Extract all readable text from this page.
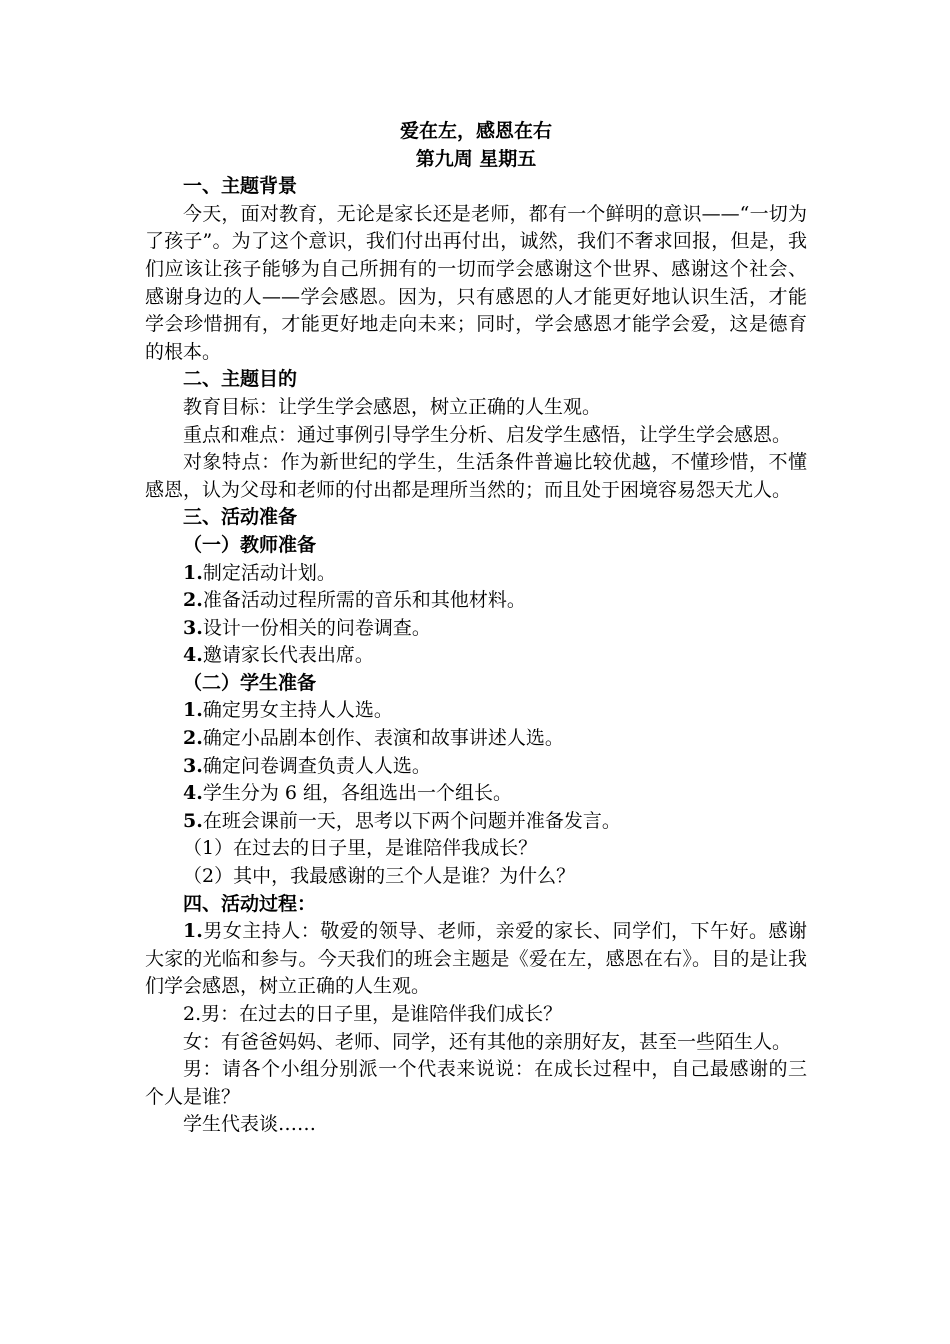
爱在左，感恩在右

第九周 星期五

一、主题背景

今天，面对教育，无论是家长还是老师，都有一个鲜明的意识——“一切为了孩子”。为了这个意识，我们付出再付出，诚然，我们不奢求回报，但是，我们应该让孩子能够为自己所拥有的一切而学会感谢这个世界、感谢这个社会、感谢身边的人——学会感恩。因为，只有感恩的人才能更好地认识生活，才能学会珍惜拥有，才能更好地走向未来；同时，学会感恩才能学会爱，这是德育的根本。

二、主题目的

教育目标：让学生学会感恩，树立正确的人生观。

重点和难点：通过事例引导学生分析、启发学生感悟，让学生学会感恩。

对象特点：作为新世纪的学生，生活条件普遍比较优越，不懂珍惜，不懂感恩，认为父母和老师的付出都是理所当然的；而且处于困境容易怨天尤人。

三、活动准备

（一）教师准备

1.制定活动计划。

2.准备活动过程所需的音乐和其他材料。

3.设计一份相关的问卷调查。

4.邀请家长代表出席。

（二）学生准备

1.确定男女主持人人选。

2.确定小品剧本创作、表演和故事讲述人选。

3.确定问卷调查负责人人选。

4.学生分为 6 组，各组选出一个组长。

5.在班会课前一天，思考以下两个问题并准备发言。

（1）在过去的日子里，是谁陪伴我成长？

（2）其中，我最感谢的三个人是谁？为什么？

四、活动过程：

1.男女主持人：敬爱的领导、老师，亲爱的家长、同学们，下午好。感谢大家的光临和参与。今天我们的班会主题是《爱在左，感恩在右》。目的是让我们学会感恩，树立正确的人生观。

2.男：在过去的日子里，是谁陪伴我们成长？

女：有爸爸妈妈、老师、同学，还有其他的亲朋好友，甚至一些陌生人。

男：请各个小组分别派一个代表来说说：在成长过程中，自己最感谢的三个人是谁？

学生代表谈……
